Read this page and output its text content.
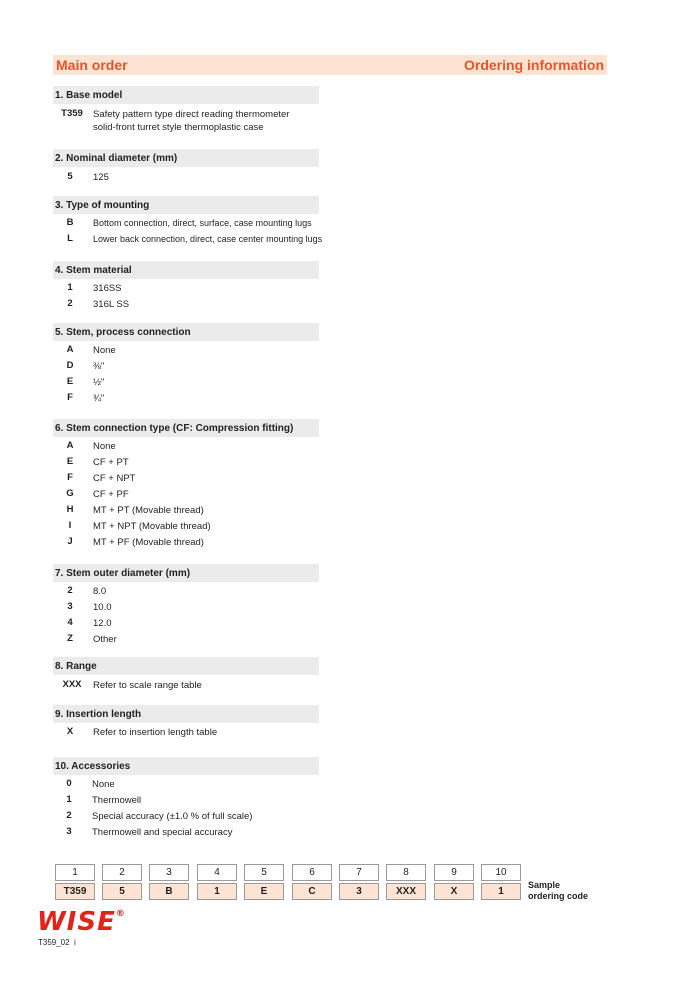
Main order	Ordering information
1. Base model
T359	Safety pattern type direct reading thermometer
solid-front turret style thermoplastic case
2. Nominal diameter (mm)
5	125
3. Type of mounting
B	Bottom connection, direct, surface, case mounting lugs
L	Lower back connection, direct, case center mounting lugs
4. Stem material
1	316SS
2	316L SS
5. Stem, process connection
A	None
D	⅜"
E	½"
F	¾"
6. Stem connection type (CF: Compression fitting)
A	None
E	CF + PT
F	CF + NPT
G	CF + PF
H	MT + PT (Movable thread)
I	MT + NPT (Movable thread)
J	MT + PF (Movable thread)
7. Stem outer diameter (mm)
2	8.0
3	10.0
4	12.0
Z	Other
8. Range
XXX	Refer to scale range table
9. Insertion length
X	Refer to insertion length table
10. Accessories
0	None
1	Thermowell
2	Special accuracy (±1.0 % of full scale)
3	Thermowell and special accuracy
1	2	3	4	5	6	7	8	9	10
T359	5	B	1	E	C	3	XXX	X	1
Sample
ordering code
WISE®
T359_02  i
